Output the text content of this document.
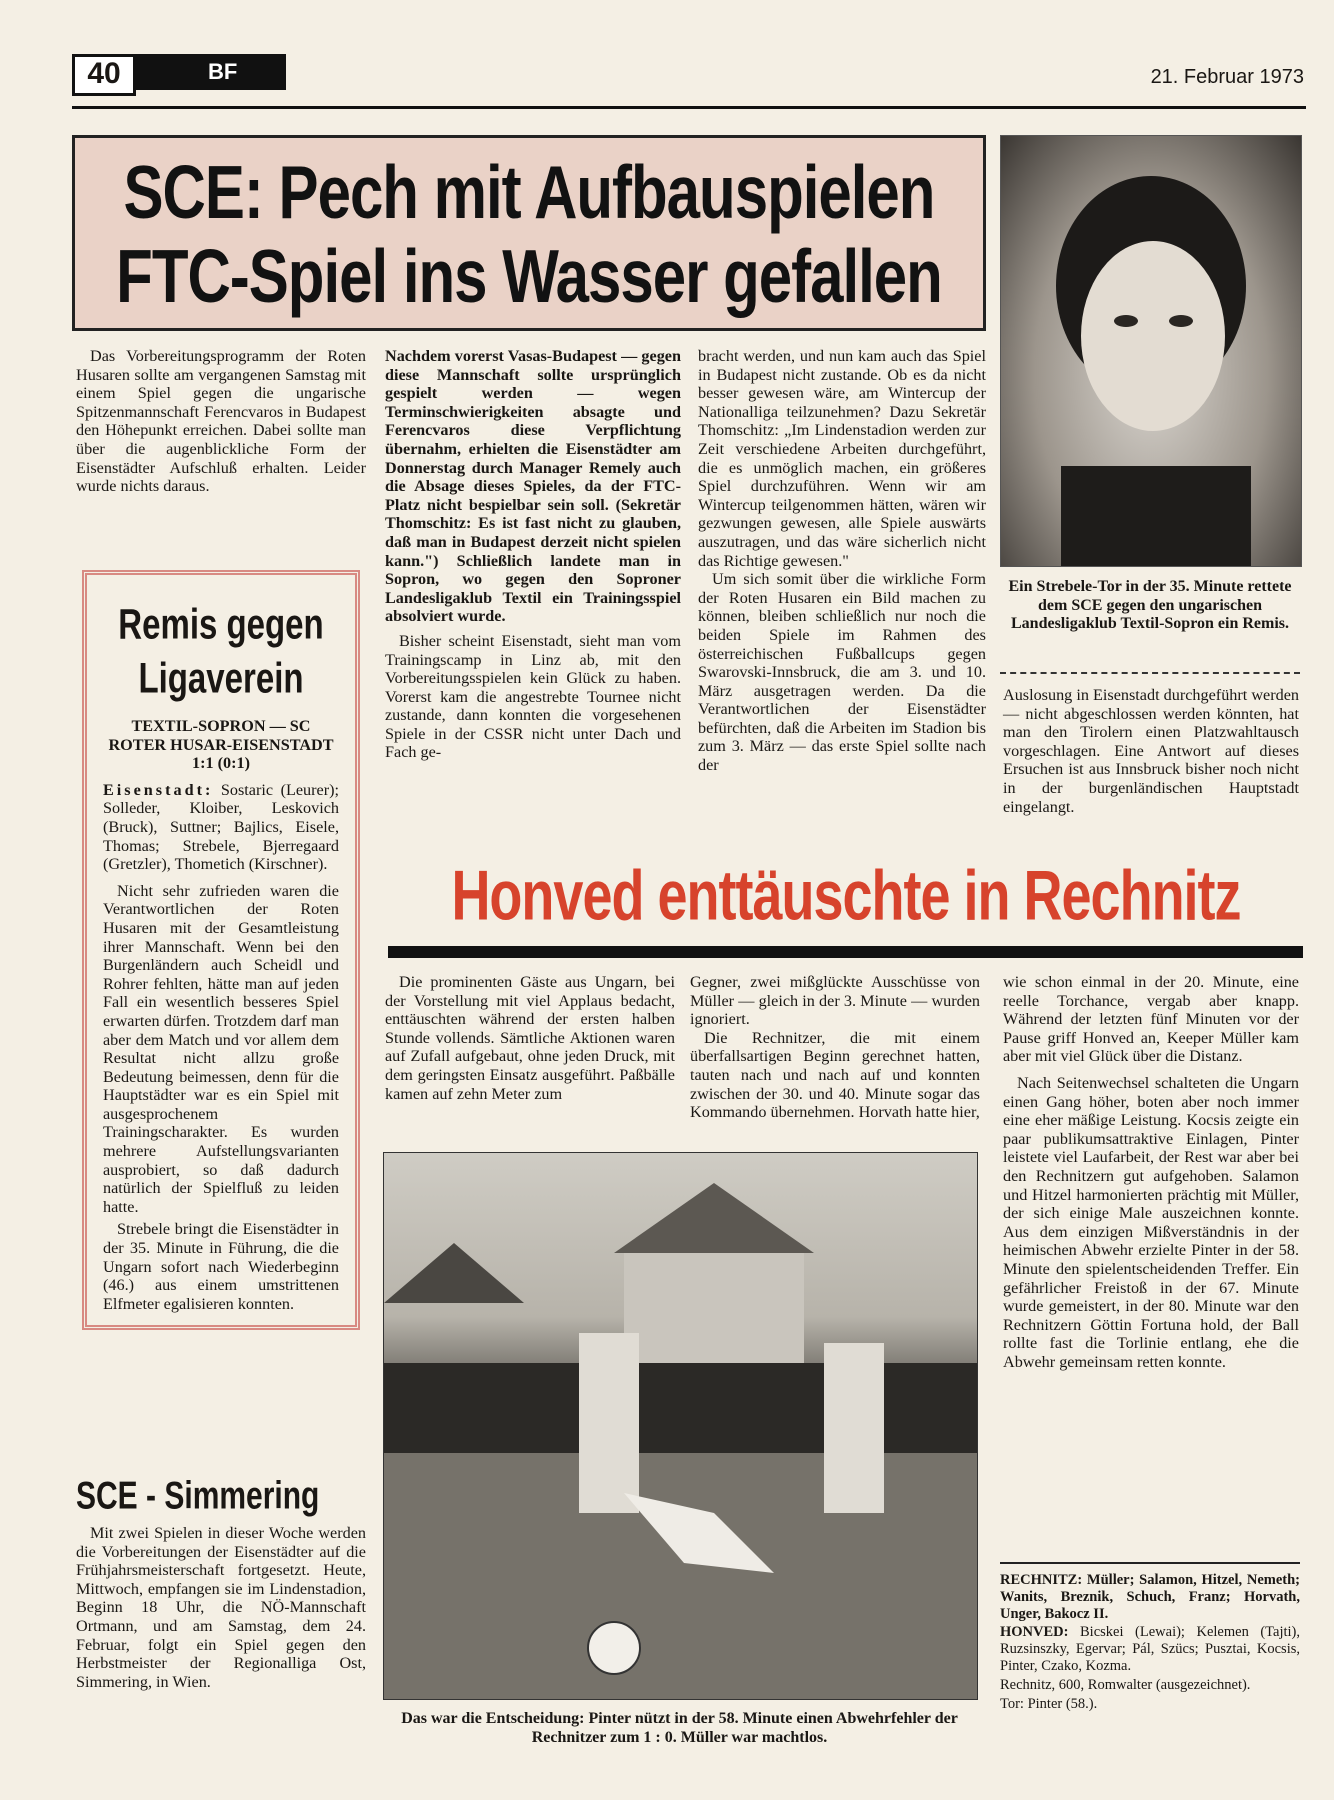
40	BF	21. Februar 1973
SCE: Pech mit Aufbauspielen
FTC-Spiel ins Wasser gefallen
Ein Strebele-Tor in der 35. Minute rettete dem SCE gegen den ungarischen Landesligaklub Textil-Sopron ein Remis.

Das Vorbereitungsprogramm der Roten Husaren sollte am vergangenen Samstag mit einem Spiel gegen die ungarische Spitzenmannschaft Ferencvaros in Budapest den Höhepunkt erreichen. Dabei sollte man über die augenblickliche Form der Eisenstädter Aufschluß erhalten. Leider wurde nichts daraus.

Nachdem vorerst Vasas-Budapest — gegen diese Mannschaft sollte ursprünglich gespielt werden — wegen Terminschwierigkeiten absagte und Ferencvaros diese Verpflichtung übernahm, erhielten die Eisenstädter am Donnerstag durch Manager Remely auch die Absage dieses Spieles, da der FTC-Platz nicht bespielbar sein soll. (Sekretär Thomschitz: Es ist fast nicht zu glauben, daß man in Budapest derzeit nicht spielen kann.") Schließlich landete man in Sopron, wo gegen den Soproner Landesligaklub Textil ein Trainingsspiel absolviert wurde.

Bisher scheint Eisenstadt, sieht man vom Trainingscamp in Linz ab, mit den Vorbereitungsspielen kein Glück zu haben. Vorerst kam die angestrebte Tournee nicht zustande, dann konnten die vorgesehenen Spiele in der CSSR nicht unter Dach und Fach ge-

bracht werden, und nun kam auch das Spiel in Budapest nicht zustande. Ob es da nicht besser gewesen wäre, am Wintercup der Nationalliga teilzunehmen? Dazu Sekretär Thomschitz: „Im Lindenstadion werden zur Zeit verschiedene Arbeiten durchgeführt, die es unmöglich machen, ein größeres Spiel durchzuführen. Wenn wir am Wintercup teilgenommen hätten, wären wir gezwungen gewesen, alle Spiele auswärts auszutragen, und das wäre sicherlich nicht das Richtige gewesen."

Um sich somit über die wirkliche Form der Roten Husaren ein Bild machen zu können, bleiben schließlich nur noch die beiden Spiele im Rahmen des österreichischen Fußballcups gegen Swarovski-Innsbruck, die am 3. und 10. März ausgetragen werden. Da die Verantwortlichen der Eisenstädter befürchten, daß die Arbeiten im Stadion bis zum 3. März — das erste Spiel sollte nach der

Auslosung in Eisenstadt durchgeführt werden — nicht abgeschlossen werden könnten, hat man den Tirolern einen Platzwahltausch vorgeschlagen. Eine Antwort auf dieses Ersuchen ist aus Innsbruck bisher noch nicht in der burgenländischen Hauptstadt eingelangt.

Remis gegen
Ligaverein
TEXTIL-SOPRON — SC ROTER HUSAR-EISENSTADT 1:1 (0:1)
Eisenstadt: Sostaric (Leurer); Solleder, Kloiber, Leskovich (Bruck), Suttner; Bajlics, Eisele, Thomas; Strebele, Bjerregaard (Gretzler), Thometich (Kirschner).

Nicht sehr zufrieden waren die Verantwortlichen der Roten Husaren mit der Gesamtleistung ihrer Mannschaft. Wenn bei den Burgenländern auch Scheidl und Rohrer fehlten, hätte man auf jeden Fall ein wesentlich besseres Spiel erwarten dürfen. Trotzdem darf man aber dem Match und vor allem dem Resultat nicht allzu große Bedeutung beimessen, denn für die Hauptstädter war es ein Spiel mit ausgesprochenem Trainingscharakter. Es wurden mehrere Aufstellungsvarianten ausprobiert, so daß dadurch natürlich der Spielfluß zu leiden hatte.

Strebele bringt die Eisenstädter in der 35. Minute in Führung, die die Ungarn sofort nach Wiederbeginn (46.) aus einem umstrittenen Elfmeter egalisieren konnten.

SCE - Simmering

Mit zwei Spielen in dieser Woche werden die Vorbereitungen der Eisenstädter auf die Frühjahrsmeisterschaft fortgesetzt. Heute, Mittwoch, empfangen sie im Lindenstadion, Beginn 18 Uhr, die NÖ-Mannschaft Ortmann, und am Samstag, dem 24. Februar, folgt ein Spiel gegen den Herbstmeister der Regionalliga Ost, Simmering, in Wien.

Honved enttäuschte in Rechnitz

Die prominenten Gäste aus Ungarn, bei der Vorstellung mit viel Applaus bedacht, enttäuschten während der ersten halben Stunde vollends. Sämtliche Aktionen waren auf Zufall aufgebaut, ohne jeden Druck, mit dem geringsten Einsatz ausgeführt. Paßbälle kamen auf zehn Meter zum

Gegner, zwei mißglückte Ausschüsse von Müller — gleich in der 3. Minute — wurden ignoriert.

Die Rechnitzer, die mit einem überfallsartigen Beginn gerechnet hatten, tauten nach und nach auf und konnten zwischen der 30. und 40. Minute sogar das Kommando übernehmen. Horvath hatte hier,

wie schon einmal in der 20. Minute, eine reelle Torchance, vergab aber knapp. Während der letzten fünf Minuten vor der Pause griff Honved an, Keeper Müller kam aber mit viel Glück über die Distanz.

Nach Seitenwechsel schalteten die Ungarn einen Gang höher, boten aber noch immer eine eher mäßige Leistung. Kocsis zeigte ein paar publikumsattraktive Einlagen, Pinter leistete viel Laufarbeit, der Rest war aber bei den Rechnitzern gut aufgehoben. Salamon und Hitzel harmonierten prächtig mit Müller, der sich einige Male auszeichnen konnte. Aus dem einzigen Mißverständnis in der heimischen Abwehr erzielte Pinter in der 58. Minute den spielentscheidenden Treffer. Ein gefährlicher Freistoß in der 67. Minute wurde gemeistert, in der 80. Minute war den Rechnitzern Göttin Fortuna hold, der Ball rollte fast die Torlinie entlang, ehe die Abwehr gemeinsam retten konnte.

Das war die Entscheidung: Pinter nützt in der 58. Minute einen Abwehrfehler der Rechnitzer zum 1 : 0. Müller war machtlos.
RECHNITZ: Müller; Salamon, Hitzel, Nemeth; Wanits, Breznik, Schuch, Franz; Horvath, Unger, Bakocz II.
HONVED: Bicskei (Lewai); Kelemen (Tajti), Ruzsinszky, Egervar; Pál, Szücs; Pusztai, Kocsis, Pinter, Czako, Kozma.
Rechnitz, 600, Romwalter (ausgezeichnet).
Tor: Pinter (58.).
